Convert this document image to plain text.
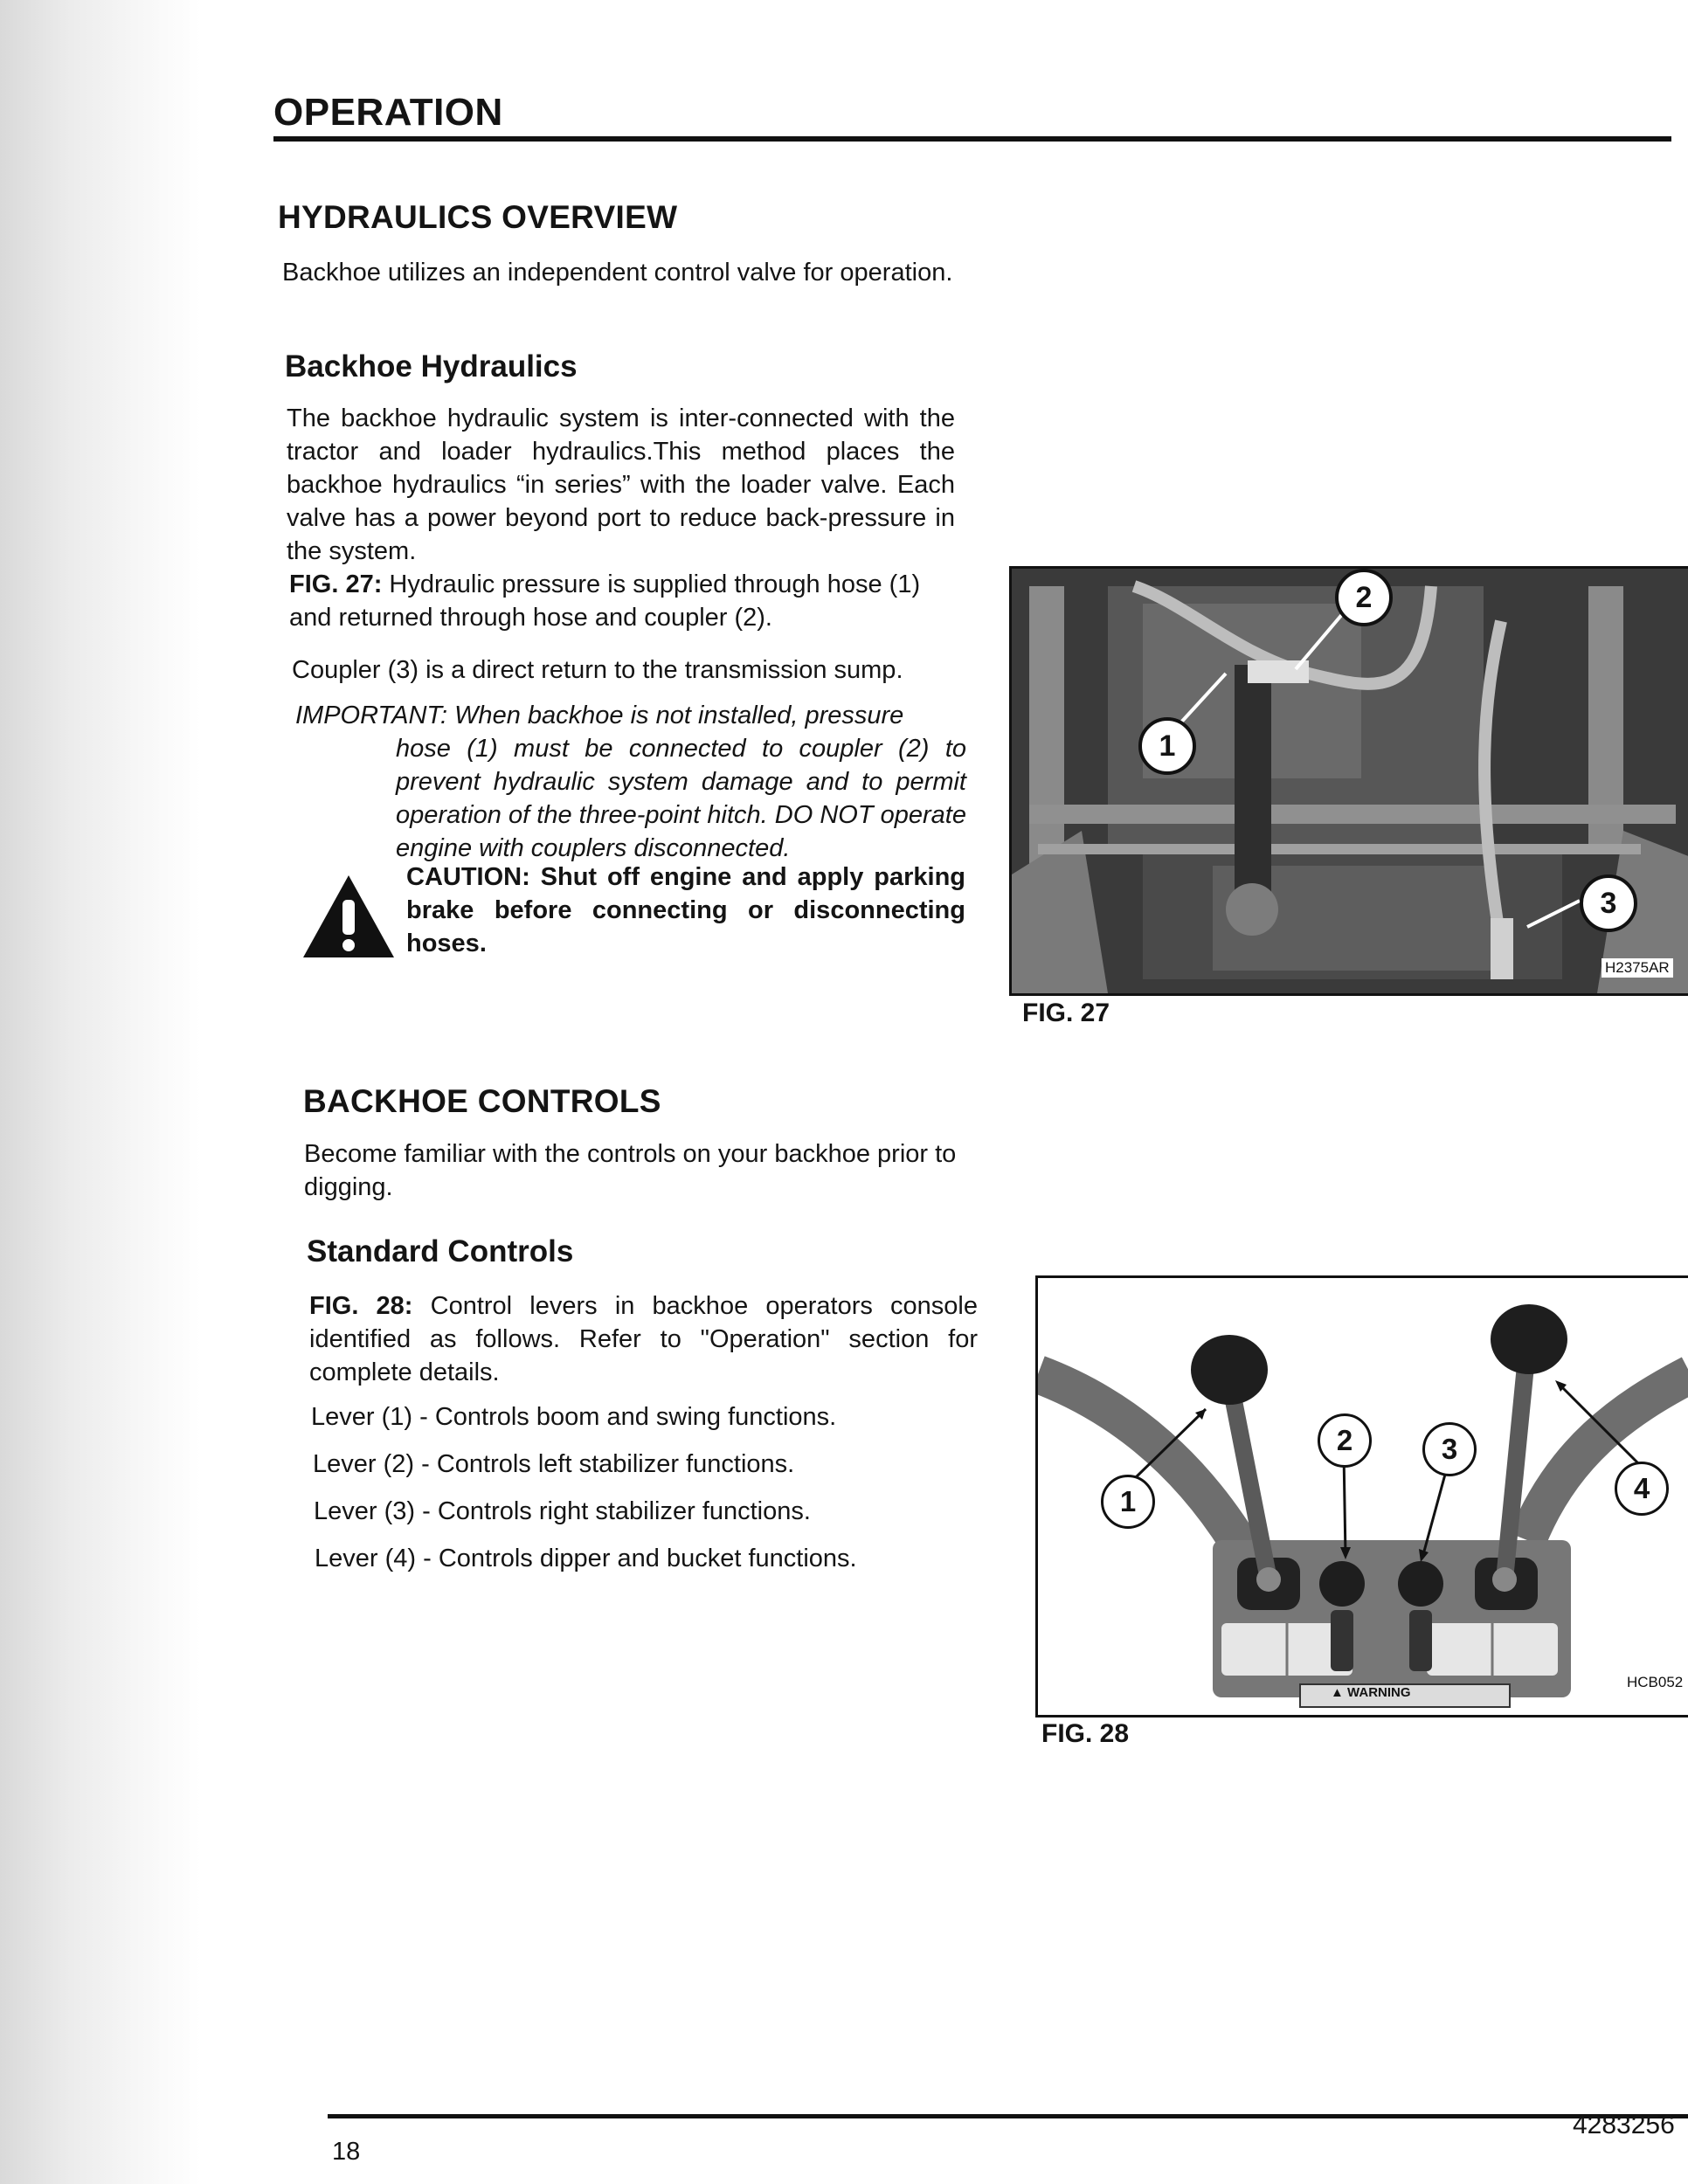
OPERATION
HYDRAULICS OVERVIEW

Backhoe utilizes an independent control valve for operation.

Backhoe Hydraulics

The backhoe hydraulic system is inter-connected with the tractor and loader hydraulics.This method places the backhoe hydraulics “in series” with the loader valve. Each valve has a power beyond port to reduce back-pressure in the system.

FIG. 27: Hydraulic pressure is supplied through hose (1) and returned through hose and coupler (2).

Coupler (3) is a direct return to the transmission sump.

IMPORTANT: When backhoe is not installed, pressure
hose (1) must be connected to coupler (2) to prevent hydraulic system damage and to permit operation of the three-point hitch. DO NOT operate engine with couplers disconnected.

CAUTION: Shut off engine and apply parking brake before connecting or disconnecting hoses.

1
2
3
H2375AR
FIG. 27
BACKHOE CONTROLS

Become familiar with the controls on your backhoe prior to digging.

Standard Controls

FIG. 28: Control levers in backhoe operators console identified as follows. Refer to "Operation" section for complete details.

Lever (1) - Controls boom and swing functions.

Lever (2) - Controls left stabilizer functions.

Lever (3) - Controls right stabilizer functions.

Lever (4) - Controls dipper and bucket functions.

1
2	3
4
▲ WARNING
HCB052
FIG. 28
18
4283256
